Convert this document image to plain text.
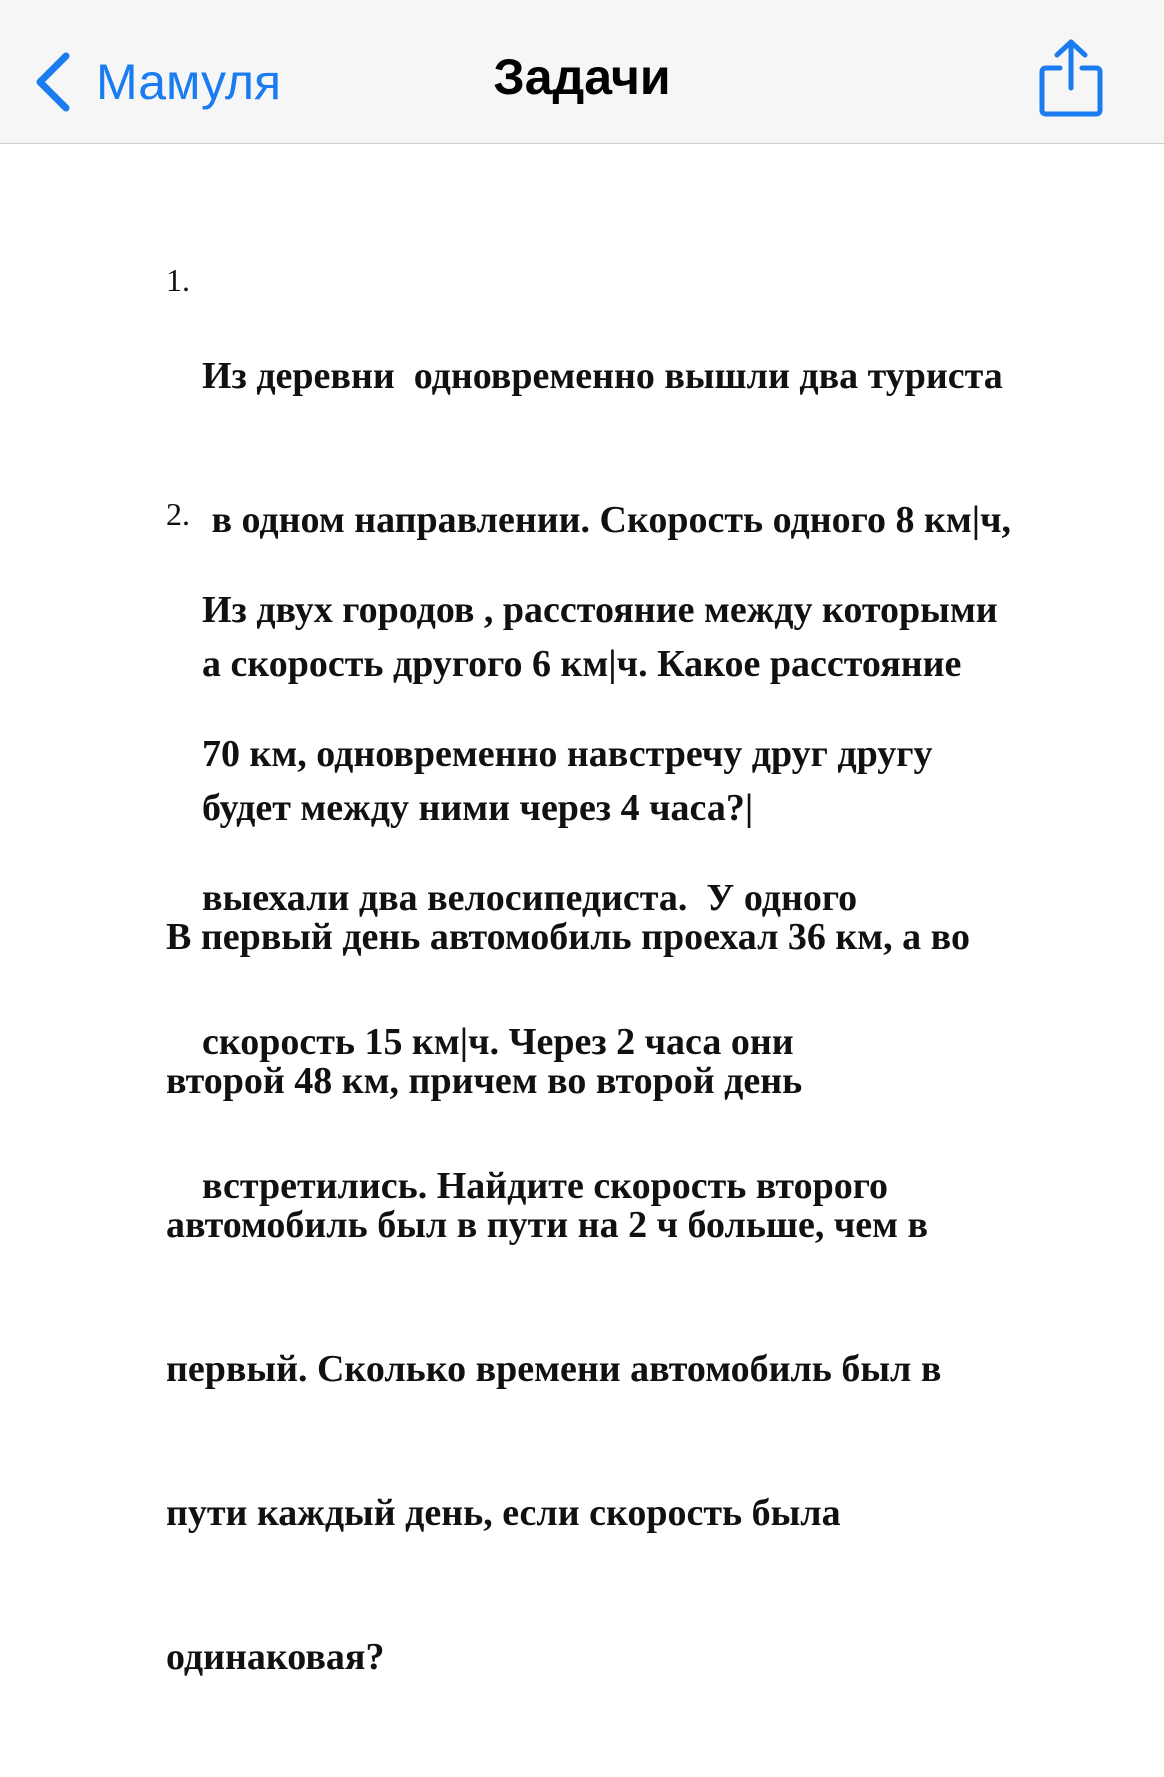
Мамуля	Задачи
1.

Из деревни  одновременно вышли два туриста

в одном направлении. Скорость одного 8 км|ч,

а скорость другого 6 км|ч. Какое расстояние

будет между ними через 4 часа?|

2.

Из двух городов , расстояние между которыми

70 км, одновременно навстречу друг другу

выехали два велосипедиста.  У одного

скорость 15 км|ч. Через 2 часа они

встретились. Найдите скорость второго

В первый день автомобиль проехал 36 км, а во

второй 48 км, причем во второй день

автомобиль был в пути на 2 ч больше, чем в

первый. Сколько времени автомобиль был в

пути каждый день, если скорость была

одинаковая?
